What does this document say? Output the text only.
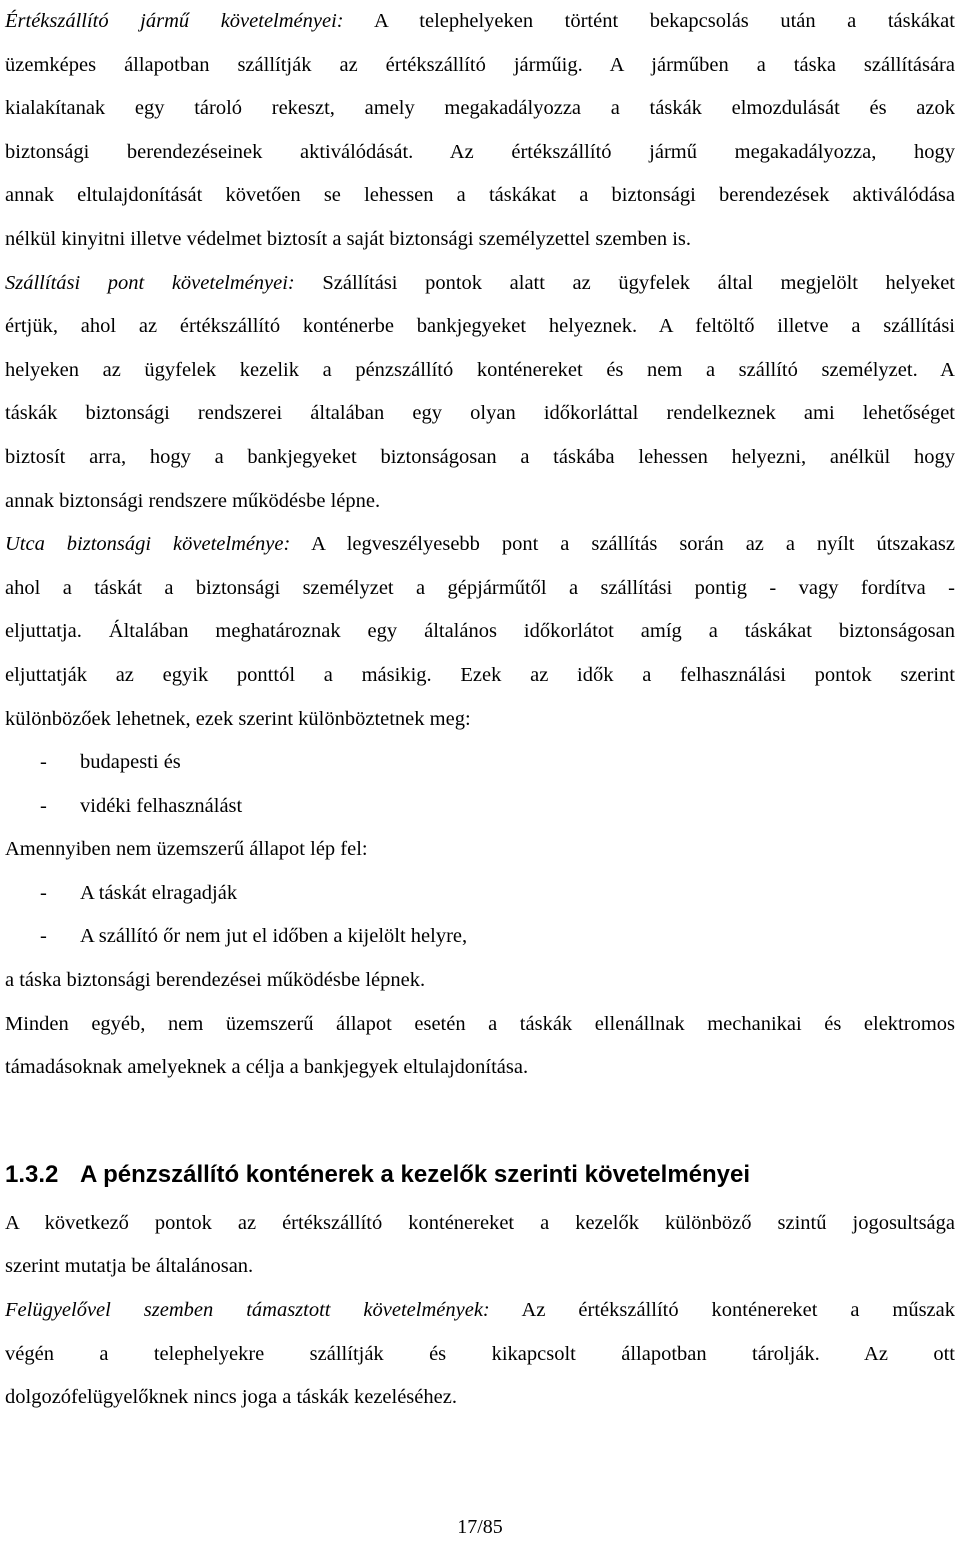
Értékszállító jármű követelményei: A telephelyeken történt bekapcsolás után a táskákat

üzemképes állapotban szállítják az értékszállító járműig. A járműben a táska szállítására

kialakítanak egy tároló rekeszt, amely megakadályozza a táskák elmozdulását és azok

biztonsági berendezéseinek aktiválódását. Az értékszállító jármű megakadályozza, hogy

annak eltulajdonítását követően se lehessen a táskákat a biztonsági berendezések aktiválódása

nélkül kinyitni illetve védelmet biztosít a saját biztonsági személyzettel szemben is.

Szállítási pont követelményei: Szállítási pontok alatt az ügyfelek által megjelölt helyeket

értjük, ahol az értékszállító konténerbe bankjegyeket helyeznek. A feltöltő illetve a szállítási

helyeken az ügyfelek kezelik a pénzszállító konténereket és nem a szállító személyzet. A

táskák biztonsági rendszerei általában egy olyan időkorláttal rendelkeznek ami lehetőséget

biztosít arra, hogy a bankjegyeket biztonságosan a táskába lehessen helyezni, anélkül hogy

annak biztonsági rendszere működésbe lépne.

Utca biztonsági követelménye: A legveszélyesebb pont a szállítás során az a nyílt útszakasz

ahol a táskát a biztonsági személyzet a gépjárműtől a szállítási pontig - vagy fordítva -

eljuttatja. Általában meghatároznak egy általános időkorlátot amíg a táskákat biztonságosan

eljuttatják az egyik ponttól a másikig. Ezek az idők a felhasználási pontok szerint

különbözőek lehetnek, ezek szerint különböztetnek meg:

- budapesti és

- vidéki felhasználást

Amennyiben nem üzemszerű állapot lép fel:

- A táskát elragadják

- A szállító őr nem jut el időben a kijelölt helyre,

a táska biztonsági berendezései működésbe lépnek.

Minden egyéb, nem üzemszerű állapot esetén a táskák ellenállnak mechanikai és elektromos

támadásoknak amelyeknek a célja a bankjegyek eltulajdonítása.

1.3.2 A pénzszállító konténerek a kezelők szerinti követelményei

A következő pontok az értékszállító konténereket a kezelők különböző szintű jogosultsága

szerint mutatja be általánosan.

Felügyelővel szemben támasztott követelmények: Az értékszállító konténereket a műszak

végén a telephelyekre szállítják és kikapcsolt állapotban tárolják. Az ott

dolgozófelügyelőknek nincs joga a táskák kezeléséhez.

17/85
